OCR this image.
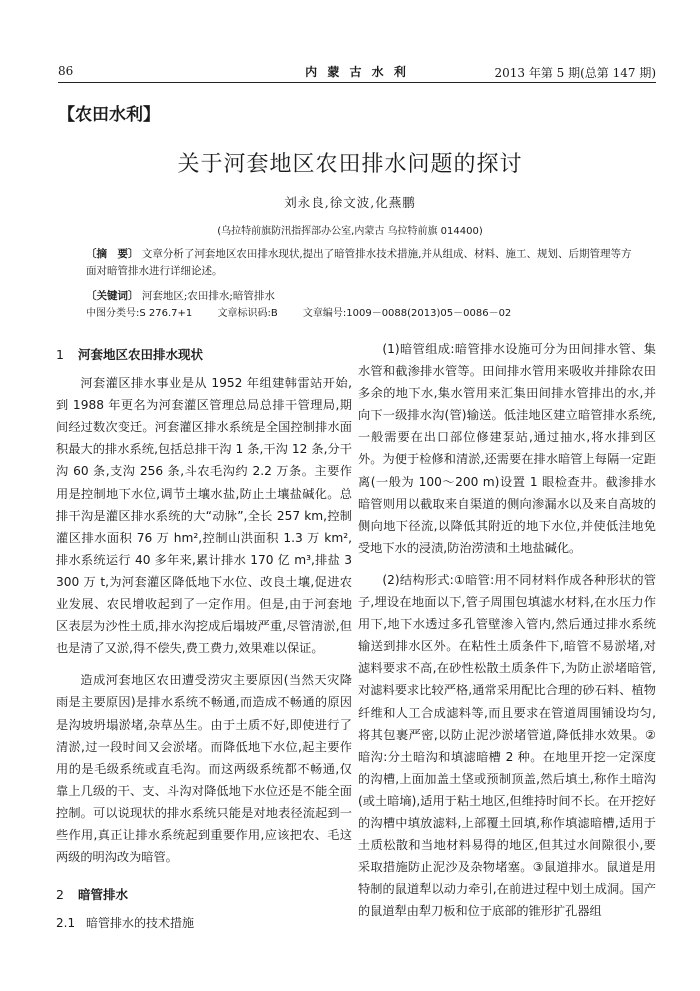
86	内 蒙 古 水 利	2013 年第 5 期(总第 147 期)
【农田水利】
关于河套地区农田排水问题的探讨
刘永良,徐文波,化燕鹏
(乌拉特前旗防汛指挥部办公室,内蒙古 乌拉特前旗 014400)
〔摘　要〕 文章分析了河套地区农田排水现状,提出了暗管排水技术措施,并从组成、材料、施工、规划、后期管理等方面对暗管排水进行详细论述。
〔关键词〕 河套地区;农田排水;暗管排水
中图分类号:S 276.7+1	文章标识码:B	文章编号:1009－0088(2013)05－0086－02
1 河套地区农田排水现状

河套灌区排水事业是从 1952 年组建韩雷站开始,到 1988 年更名为河套灌区管理总局总排干管理局,期间经过数次变迁。河套灌区排水系统是全国控制排水面积最大的排水系统,包括总排干沟 1 条,干沟 12 条,分干沟 60 条,支沟 256 条,斗农毛沟约 2.2 万条。主要作用是控制地下水位,调节土壤水盐,防止土壤盐碱化。总排干沟是灌区排水系统的大“动脉”,全长 257 km,控制灌区排水面积 76 万 hm²,控制山洪面积 1.3 万 km²,排水系统运行 40 多年来,累计排水 170 亿 m³,排盐 3 300 万 t,为河套灌区降低地下水位、改良土壤,促进农业发展、农民增收起到了一定作用。但是,由于河套地区表层为沙性土质,排水沟挖成后塌坡严重,尽管清淤,但也是清了又淤,得不偿失,费工费力,效果难以保证。

造成河套地区农田遭受涝灾主要原因(当然天灾降雨是主要原因)是排水系统不畅通,而造成不畅通的原因是沟坡坍塌淤堵,杂草丛生。由于土质不好,即使进行了清淤,过一段时间又会淤堵。而降低地下水位,起主要作用的是毛级系统或直毛沟。而这两级系统都不畅通,仅靠上几级的干、支、斗沟对降低地下水位还是不能全面控制。可以说现状的排水系统只能是对地表径流起到一些作用,真正让排水系统起到重要作用,应该把农、毛这两级的明沟改为暗管。

2 暗管排水
2.1 暗管排水的技术措施

(1)暗管组成:暗管排水设施可分为田间排水管、集水管和截渗排水管等。田间排水管用来吸收并排除农田多余的地下水,集水管用来汇集田间排水管排出的水,并向下一级排水沟(管)输送。低洼地区建立暗管排水系统,一般需要在出口部位修建泵站,通过抽水,将水排到区外。为便于检修和清淤,还需要在排水暗管上每隔一定距离(一般为 100～200 m)设置 1 眼检查井。截渗排水暗管则用以截取来自渠道的侧向渗漏水以及来自高坡的侧向地下径流,以降低其附近的地下水位,并使低洼地免受地下水的浸渍,防治涝渍和土地盐碱化。

(2)结构形式:①暗管:用不同材料作成各种形状的管子,埋设在地面以下,管子周围包填滤水材料,在水压力作用下,地下水透过多孔管壁渗入管内,然后通过排水系统输送到排水区外。在粘性土质条件下,暗管不易淤堵,对滤料要求不高,在砂性松散土质条件下,为防止淤堵暗管,对滤料要求比较严格,通常采用配比合理的砂石料、植物纤维和人工合成滤料等,而且要求在管道周围铺设均匀,将其包裹严密,以防止泥沙淤堵管道,降低排水效果。②暗沟:分土暗沟和填滤暗槽 2 种。在地里开挖一定深度的沟槽,上面加盖土垡或预制顶盖,然后填土,称作土暗沟(或土暗墒),适用于粘土地区,但维持时间不长。在开挖好的沟槽中填放滤料,上部覆土回填,称作填滤暗槽,适用于土质松散和当地材料易得的地区,但其过水间隙很小,要采取措施防止泥沙及杂物堵塞。③鼠道排水。鼠道是用特制的鼠道犁以动力牵引,在前进过程中划土成洞。国产的鼠道犁由犁刀板和位于底部的锥形扩孔器组
